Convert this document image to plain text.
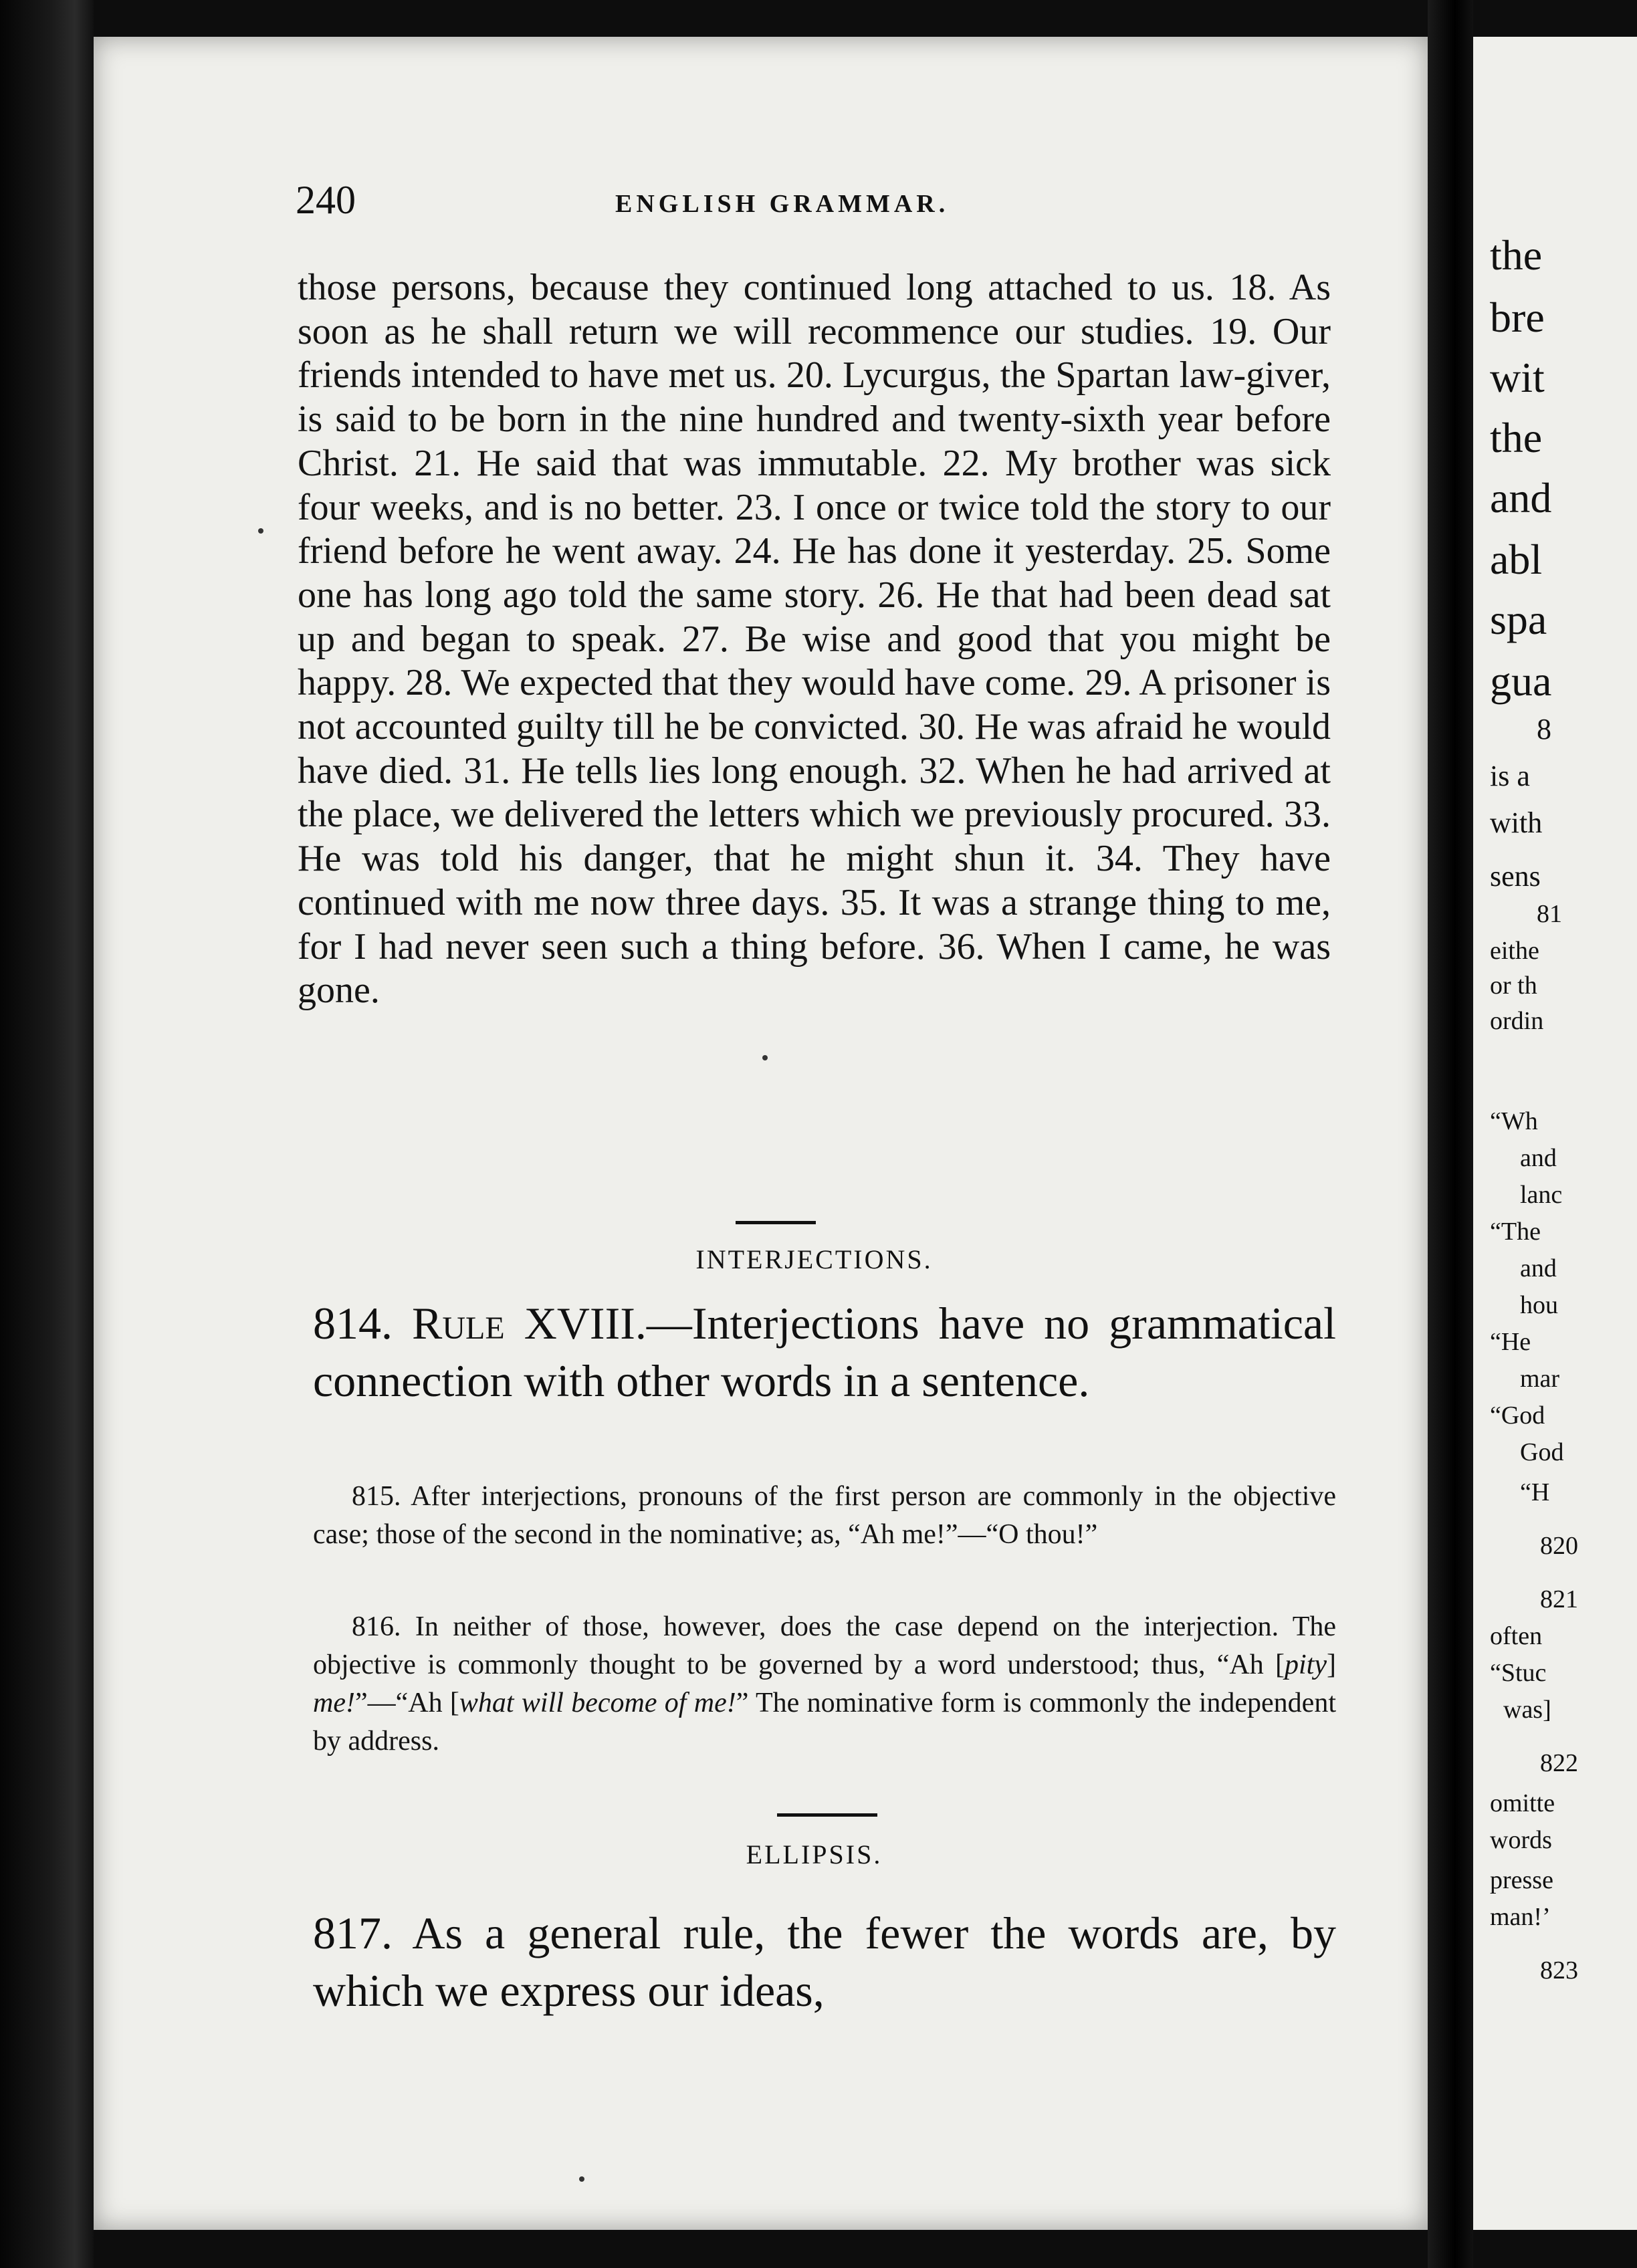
the
bre
wit
the
and
abl
spa
gua
8
is a
with
sens
81
eithe
or th
ordin
“Wh
and
lanc
“The
and
hou
“He
mar
“God
God
“H
820
821
often
“Stuc
was]
822
omitte
words
presse
man!’
823
240	ENGLISH GRAMMAR.

those persons, because they continued long attached to us. 18. As soon as he shall return we will recommence our studies. 19. Our friends intended to have met us. 20. Lycurgus, the Spartan law-giver, is said to be born in the nine hundred and twenty-sixth year before Christ. 21. He said that was immutable. 22. My brother was sick four weeks, and is no better. 23. I once or twice told the story to our friend before he went away. 24. He has done it yesterday. 25. Some one has long ago told the same story. 26. He that had been dead sat up and began to speak. 27. Be wise and good that you might be happy. 28. We expected that they would have come. 29. A prisoner is not accounted guilty till he be convicted. 30. He was afraid he would have died. 31. He tells lies long enough. 32. When he had arrived at the place, we delivered the letters which we previously procured. 33. He was told his danger, that he might shun it. 34. They have continued with me now three days. 35. It was a strange thing to me, for I had never seen such a thing before. 36. When I came, he was gone.

INTERJECTIONS.

814. Rule XVIII.—Interjections have no grammatical connection with other words in a sentence.

815. After interjections, pronouns of the first person are commonly in the objective case; those of the second in the nominative; as, “Ah me!”—“O thou!”

816. In neither of those, however, does the case depend on the interjection. The objective is commonly thought to be governed by a word understood; thus, “Ah [pity] me!”—“Ah [what will become of me!” The nominative form is commonly the independent by address.

ELLIPSIS.

817. As a general rule, the fewer the words are, by which we express our ideas,
